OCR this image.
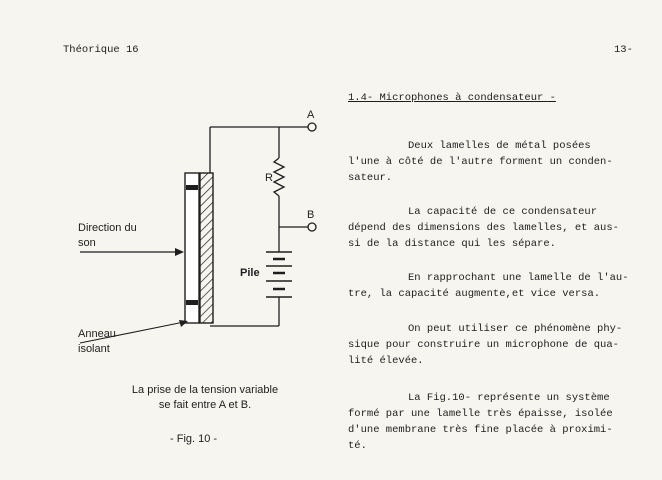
Théorique 16	13-
1.4- Microphones à condensateur -
Deux lamelles de métal posées
l'une à côté de l'autre forment un conden-
sateur.
La capacité de ce condensateur
dépend des dimensions des lamelles, et aus-
si de la distance qui les sépare.
En rapprochant une lamelle de l'au-
tre, la capacité augmente,et vice versa.
On peut utiliser ce phénomène phy-
sique pour construire un microphone de qua-
lité élevée.
La Fig.10- représente un système
formé par une lamelle très épaisse, isolée
d'une membrane très fine placée à proximi-
té.
A
B
R
Pile
Direction du
son
Anneau
isolant
La prise de la tension variable
se fait entre A et B.
- Fig. 10 -
